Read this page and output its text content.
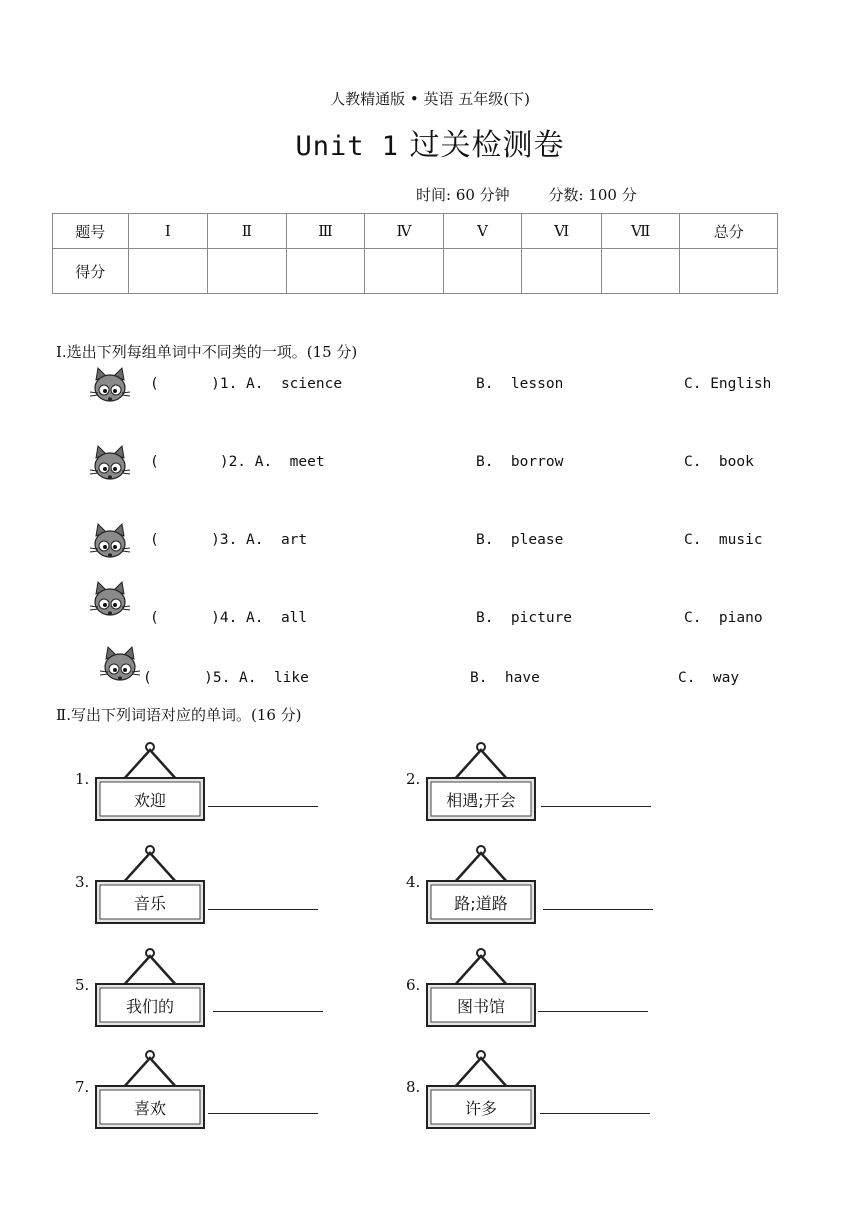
人教精通版 • 英语 五年级(下)
Unit 1 过关检测卷
时间: 60 分钟	分数: 100 分
题号	Ⅰ	Ⅱ	Ⅲ	Ⅳ	Ⅴ	Ⅵ	Ⅶ	总分
得分								
Ⅰ.选出下列每组单词中不同类的一项。(15 分)
(      )1. A.  science	B.  lesson	C. English
(       )2. A.  meet	B.  borrow	C.  book
(      )3. A.  art	B.  please	C.  music
(      )4. A.  all	B.  picture	C.  piano
(      )5. A.  like	B.  have	C.  way
Ⅱ.写出下列词语对应的单词。(16 分)
1.
欢迎
2.
相遇;开会
3.
音乐
4.
路;道路
5.
我们的
6.
图书馆
7.
喜欢
8.
许多
